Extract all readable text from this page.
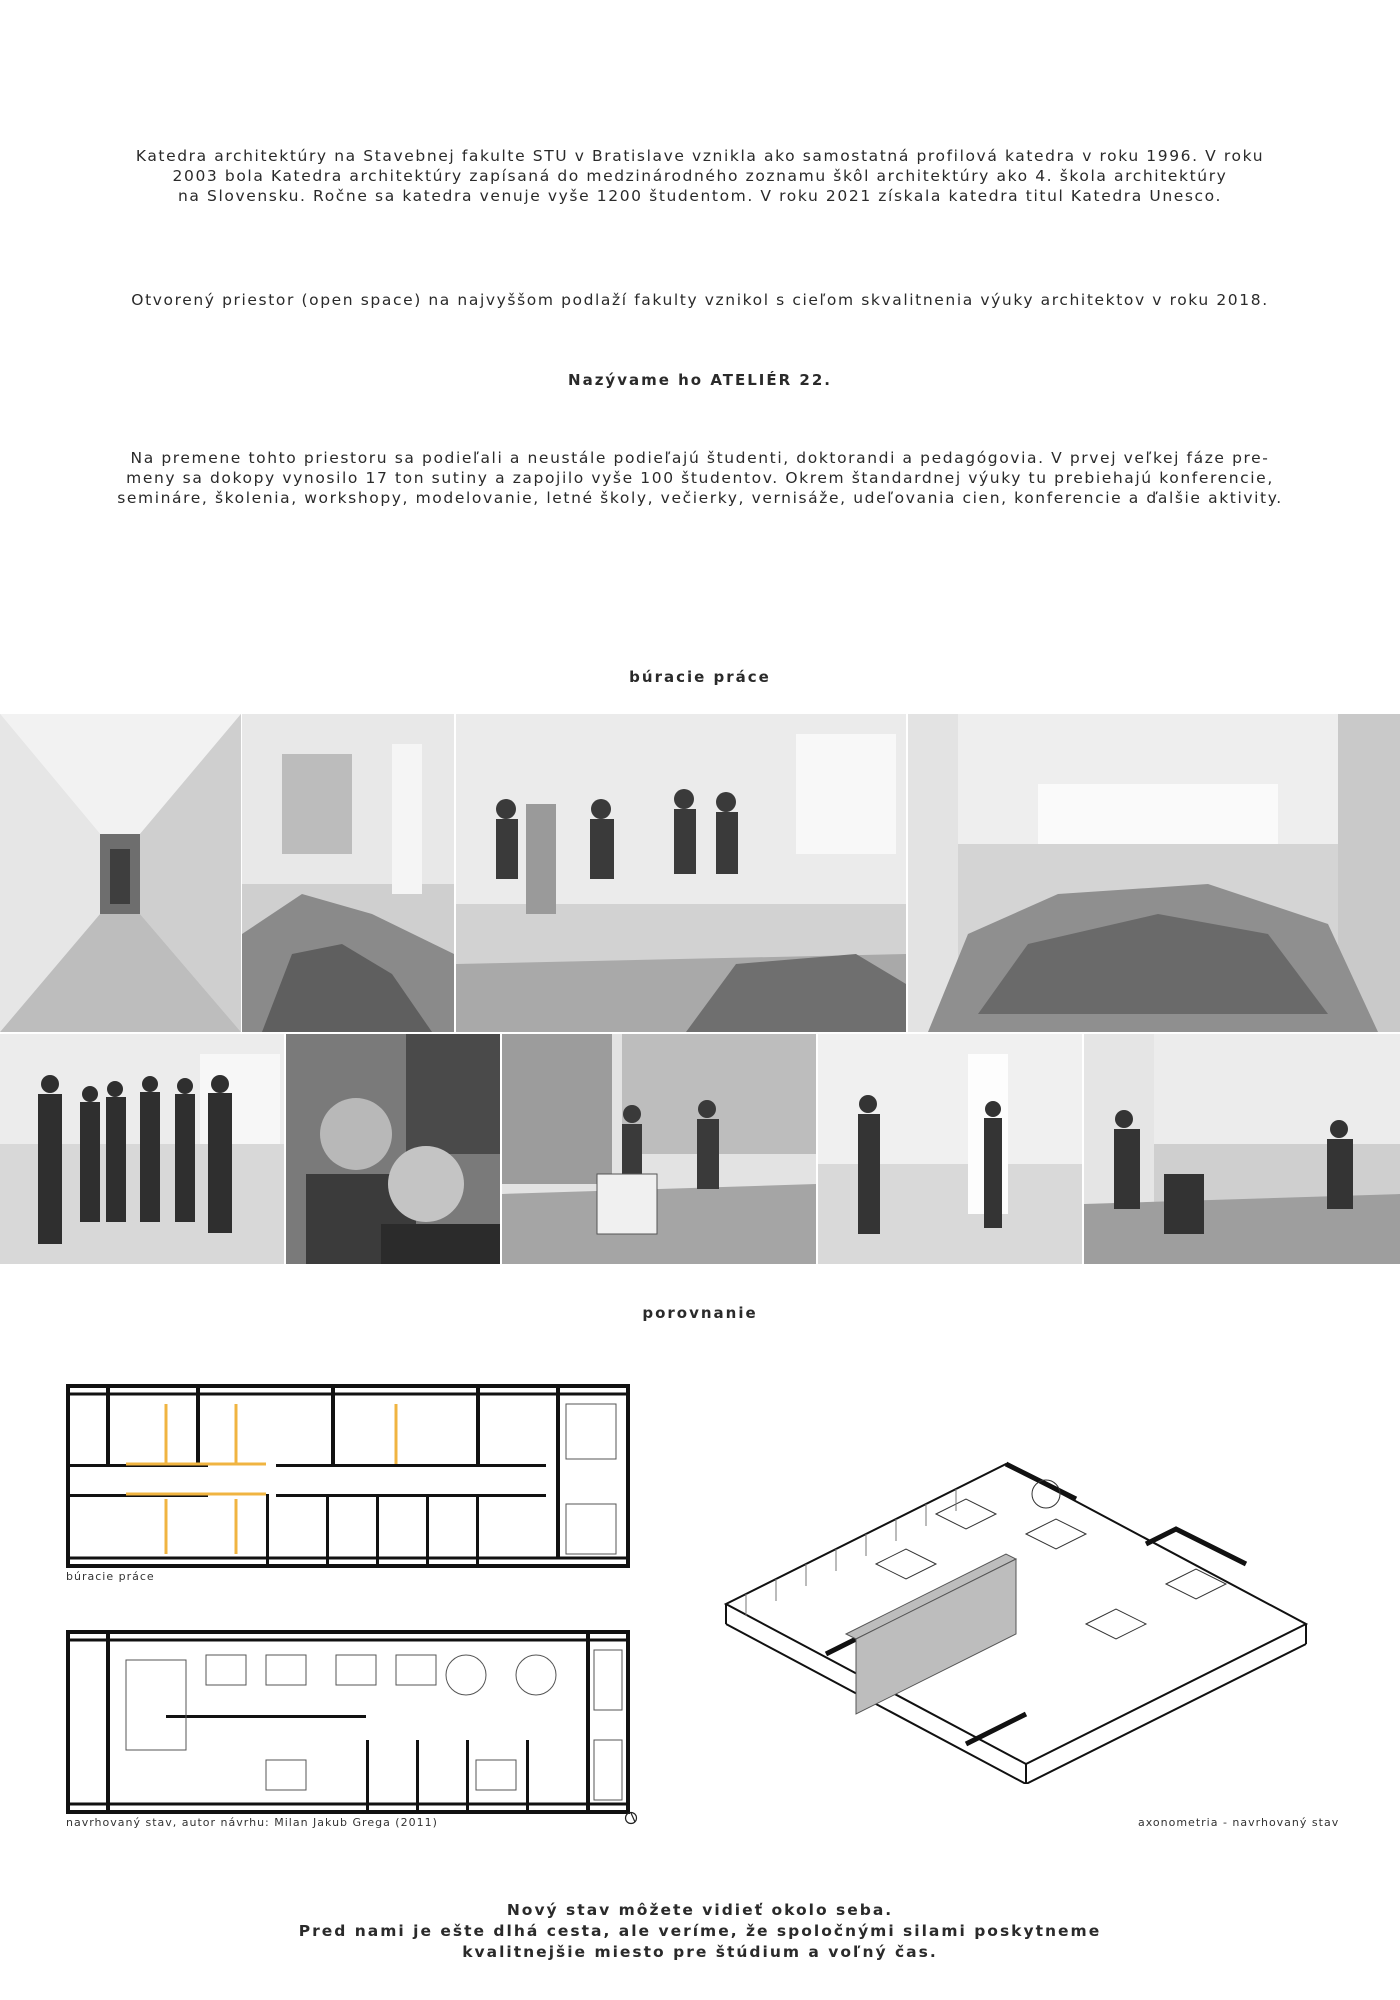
Katedra architektúry na Stavebnej fakulte STU v Bratislave vznikla ako samostatná profilová katedra v roku 1996. V roku
2003 bola Katedra architektúry zapísaná do medzinárodného zoznamu škôl architektúry ako 4. škola architektúry
na Slovensku. Ročne sa katedra venuje vyše 1200 študentom. V roku 2021 získala katedra titul Katedra Unesco.
Otvorený priestor (open space) na najvyššom podlaží fakulty vznikol s cieľom skvalitnenia výuky architektov v roku 2018.
Nazývame ho ATELIÉR 22.
Na premene tohto priestoru sa podieľali a neustále podieľajú študenti, doktorandi a pedagógovia. V prvej veľkej fáze pre-
meny sa dokopy vynosilo 17 ton sutiny a zapojilo vyše 100 študentov. Okrem štandardnej výuky tu prebiehajú konferencie,
semináre, školenia, workshopy, modelovanie, letné školy, večierky, vernisáže, udeľovania cien, konferencie a ďalšie aktivity.
búracie práce
porovnanie
búracie práce
navrhovaný stav, autor návrhu: Milan Jakub Grega (2011)	axonometria - navrhovaný stav
Nový stav môžete vidieť okolo seba.
Pred nami je ešte dlhá cesta, ale veríme, že spoločnými silami poskytneme
kvalitnejšie miesto pre štúdium a voľný čas.
